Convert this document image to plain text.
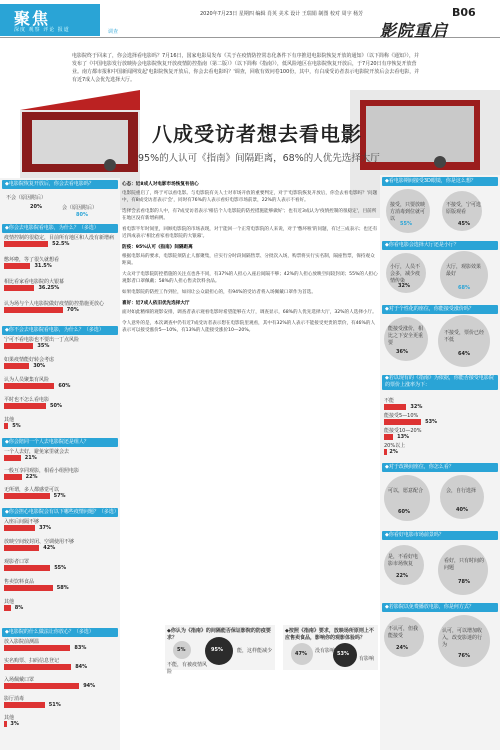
聚焦
深度 观察 评论 报道
2020年7月23日 星期四 编辑 肖英 美术 设计 王瑞娟 制图 校对 周宇 杨芳	B06
影院重启
调查
电影院终于回来了，你会选择看电影吗？7月16日，国家电影局发布《关于在疫情防控常态化条件下有序推进电影院恢复开放的通知》（以下简称《通知》），并发布了《中国电影发行放映协会电影院恢复开放疫情防控指南（第二版）》（以下简称《指南》），低风险地区在电影院恢复开放后，于7月20日有序恢复开放营业。南方都市报和中国新闻网发起'电影院恢复开放后，你会去看电影吗？'调查，回收有效问卷100份，其中，有白成受访者表示电影院开放后会去看电影，并有近7成人会优先选择大厅。
八成受访者想去看电影
95%的人认可《指南》间隔距离，68%的人优先选择大厅
◆电影院恢复开放后，你会去看电影吗？
不会（原因附后）
20%	会（原因附后）
80%
◆你会去电影院看电影，为什么？（多选）
疫情控制的很稳定，目前所有地区和人没有新增病
52.5%
憋坏啦，等了很久就想看
31.5%
相比看家看电影院的大银幕
36.25%
认为场与个人电影院做好疫情防控措施更放心
70%
◆你不会去电影院看电影，为什么？（多选）
宁可不看电影也不要出一丁点风险
35%
如果疫情能好转会考虑
30%
认为人员聚集有风险
60%
平时也不怎么看电影
50%
其他
5%
◆你会陪同一个人去电影院还是组人？
一个人去好，避免家里就会去
21%
一般互享同观影，相看小组照电影
22%
无所谓，多人都感觉可以
57%
◆你会担心电影院会有以下哪些疫情问题？（多选）
入座后间隔不够
37%
放映空间较封闭、空调使用不够
42%
观影者口罩
55%
售卖饮料食品
58%
其他
8%
◆电影院的什么做法让你放心？（多选）
放入影院前测温
83%
实名购票、扫码信息登记
84%
入场佩戴口罩
94%
影厅消毒
51%
其他
3%
心态：近8成人对电影市场恢复有信心
电影院重启了，终于可以看电影。与电影院有关人士对市场开放的重要判定，对于'电影院恢复开放后，你会去看电影吗？'问题中，有8成受访者表示'会'，同时有76%的人表示看好电影市场前景，22%的人表示不看好。
选择会去看电影的人中，有7成受访者表示'相信个人电影院的防控措施能够做好'；也有近3成认为'疫情控制的很稳定'，目前所在地区没有新增病例。
看电影半年时间里，回顾电影院的市场表现，对于能回一个正常电影院的人来说，对于'憋坏啦'的问题，有过三成表示；也还有近四成表示'相比看家看电影院的大银幕'。
防疫：95%认可《指南》间隔距离
根据电影局的要求，电影院须防止人群聚集，应实行分时段间隔售票、分批次入场，购票将实行实名制，隔座售票，保持观众距离。
大众对于电影院防控措施的关注点也各不同，有37%的人担心入座后间隔不够；42%的人担心放映空间较封闭；55%的人担心观影者口罩佩戴；58%的人担心售卖饮料食品。
如果电影院的防控工作到位，如同让公众最担心的，有94%的受访者将入场佩戴口罩作为首选。
喜好：近7成人依旧优先选择大厅
面对如此精细的观影安排，调查者表示观看电影时希望能够在大厅，调查显示，68%的人优先选择大厅，32%的人选择小厅。
令人意外的是，本次调查中仍有近7成受访者表示想在电影院里观看，其中有32%的人表示不能接受更贵的票价，有46%的人表示可以接受涨价5—10%，有13%的人能接受涨价10—20%。
◆你认为《指南》的间隔能否保证影院的防疫要求？
不能，有被疫情风险
5%	能，这样能减少
95%
◆按照《指南》要求，放映场所原则上不应售卖食品，影响你的观影体验吗？
47%	53%
没有影响
有影响
◆看电影期间接受3D眼镜，你是这么想？
接受，只要放映方消毒到位就可以
55%
不接受，宁可选原版观看
45%
◆你看电影会选择大厅还是小厅？
小厅，人员不会多，减少疫情传染
32%
大厅，观影效果最好
68%
◆对于个性化的座位，你能接受涨价吗？
能接受涨价，相比之下安全更重要
36%
不接受，票价已经不低
64%
◆若以现有的《指南》为依据，你能否接受电影院的票价上涨率为下：
不能
32%
能接受5—10%
53%
能接受10—20%
13%
20%以上
2%
◆对于改换间座位，你怎么看？
可以，愿意配合
60%
会，自行选择
40%
◆你看好电影市场前景吗？
是，不看好电影市场恢复
22%
看好，只有时间的问题
78%
◆若影院以免费播放电影，你是何方式？
不认可，但我能接受
24%
认可，可以增加收入，改变影迷的行为
76%
